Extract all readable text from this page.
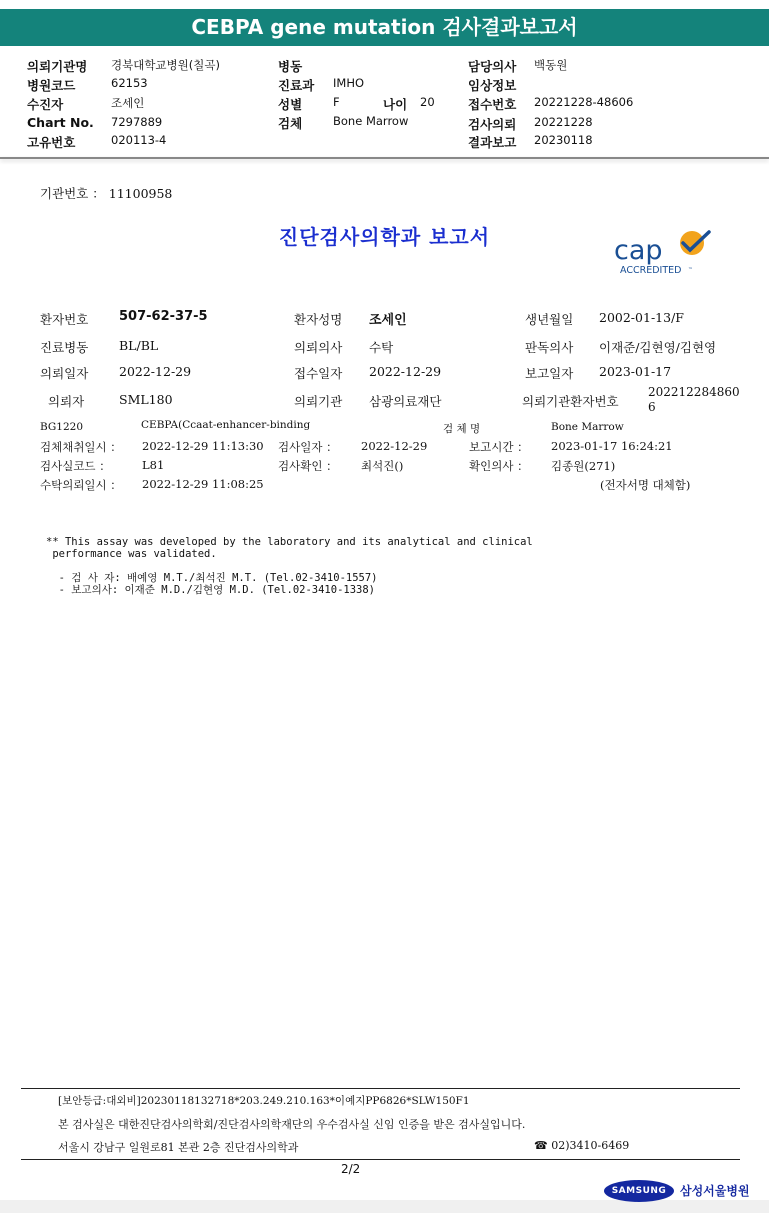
CEBPA gene mutation 검사결과보고서
의뢰기관명 경북대학교병원(칠곡)	병동	담당의사 백동원
병원코드	62153	진료과 IMHO	임상정보
수진자	조세인	성별	F	나이 20	접수번호 20221228-48606
Chart No. 7297889	검체	Bone Marrow	검사의뢰 20221228
고유번호	020113-4	결과보고 20230118
기관번호 ： 11100958
진단검사의학과 보고서	cap
ACCREDITED ™
환자번호 507-62-37-5	환자성명 조세인	생년월일 2002-01-13/F
진료병동 BL/BL	의뢰의사 수탁	판독의사 이재준/김현영/김현영
의뢰일자 2022-12-29	접수일자 2022-12-29	보고일자 2023-01-17
의뢰자	SML180	의뢰기관 삼광의료재단	의뢰기관환자번호
202212284860
6
BG1220	CEBPA(Ccaat-enhancer-binding	검 체 명	Bone Marrow
검체채취일시 ： 2022-12-29 11:13:30 검사일자 ： 2022-12-29	보고시간 ： 2023-01-17 16:24:21
검사실코드 ：	L81	검사확인 ： 최석진()	확인의사 ： 김종원(271)
수탁의뢰일시 ： 2022-12-29 11:08:25	(전자서명 대체함)
** This assay was developed by the laboratory and its analytical and clinical
performance was validated.
- 검 사 자: 배예영 M.T./최석진 M.T. (Tel.02-3410-1557)
- 보고의사: 이재준 M.D./김현영 M.D. (Tel.02-3410-1338)
[보안등급:대외비]20230118132718*203.249.210.163*이예지PP6826*SLW150F1
본 검사실은 대한진단검사의학회/진단검사의학재단의 우수검사실 신임 인증을 받은 검사실입니다.
서울시 강남구 일원로81 본관 2층 진단검사의학과	☎ 02)3410-6469
2/2
SAMSUNG	삼성서울병원
